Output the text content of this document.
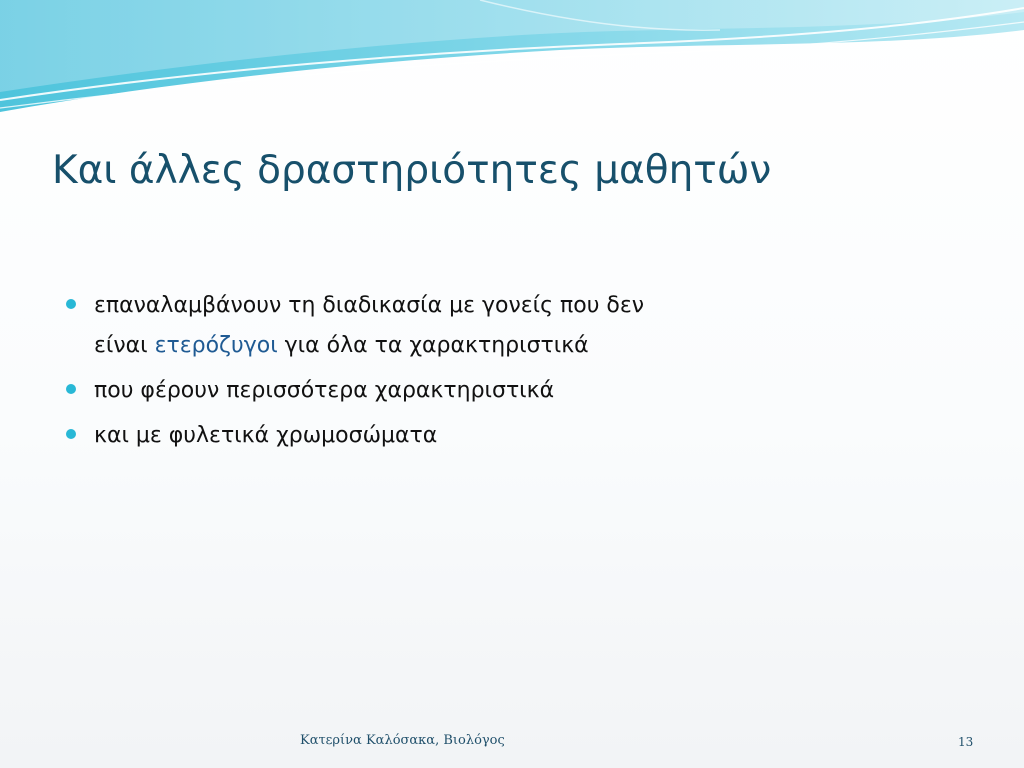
Και άλλες δραστηριότητες μαθητών
επαναλαμβάνουν τη διαδικασία με γονείς που δεν
είναι ετερόζυγοι για όλα τα χαρακτηριστικά
που φέρουν περισσότερα χαρακτηριστικά
και με φυλετικά χρωμοσώματα
Κατερίνα Καλόσακα, Βιολόγος	13
